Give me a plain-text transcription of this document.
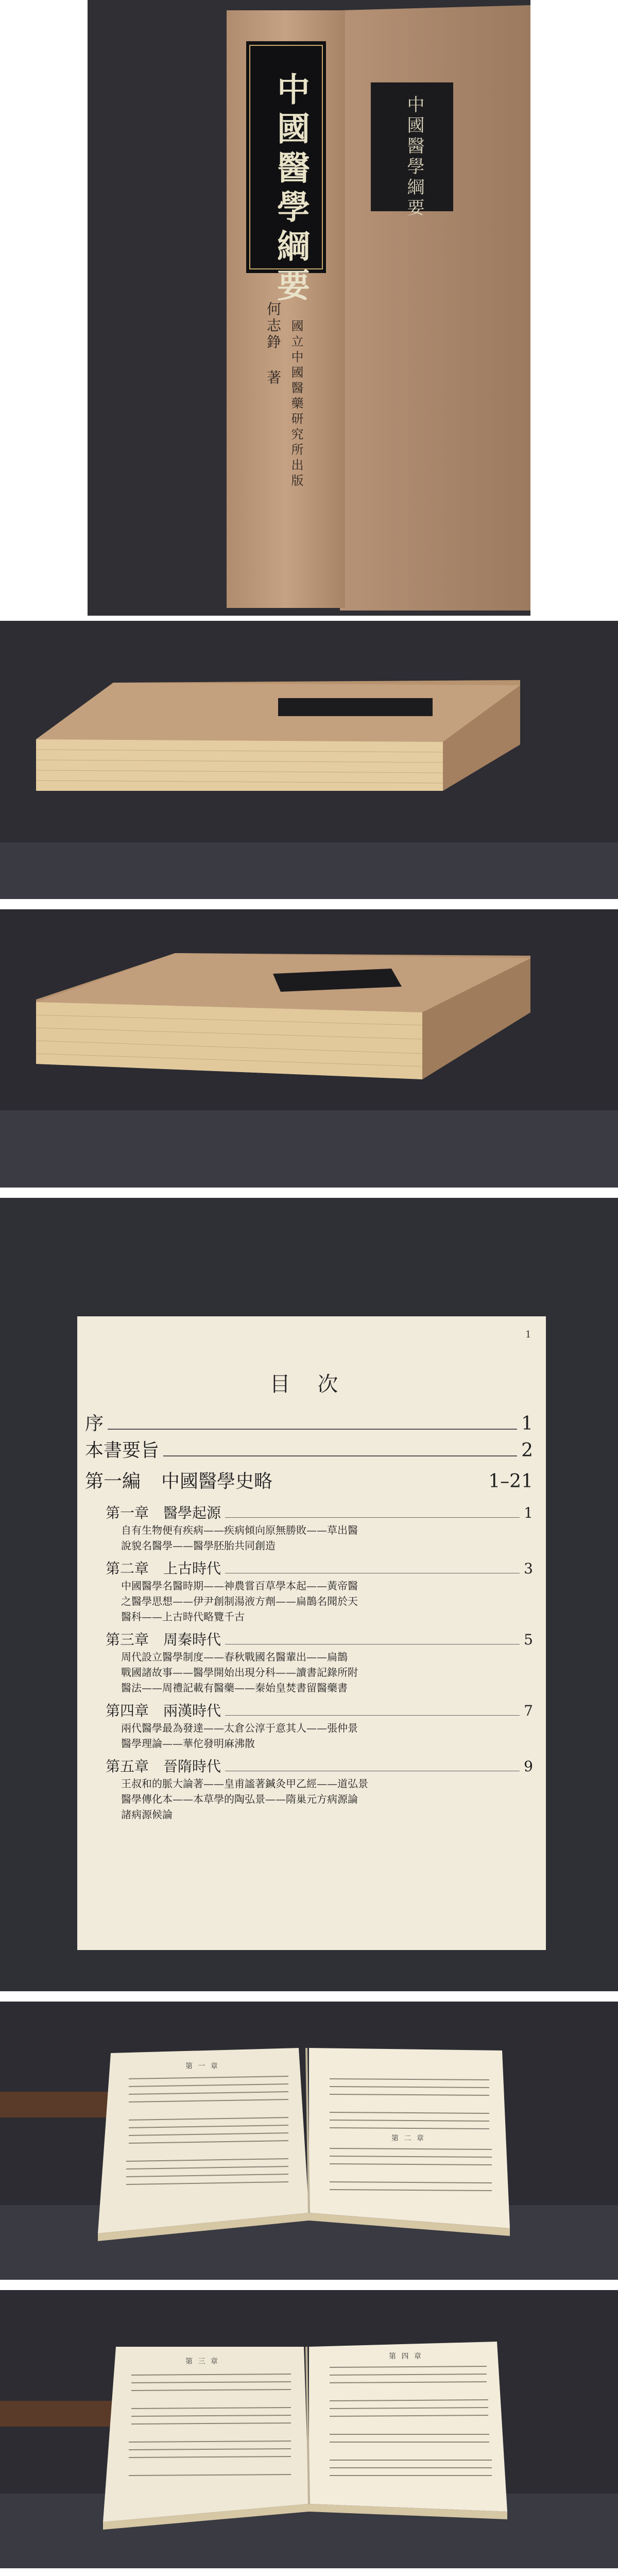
中國醫學綱要
何志錚 著 國立中國醫藥研究所出版
中國醫學綱要
1
目 次
序	1
本書要旨	2
第一編 中國醫學史略	1–21
第一章 醫學起源	1
自有生物便有疾病——疾病傾向原無勝敗——草出醫
說貌名醫學——醫學胚胎共同創造
第二章 上古時代	3
中國醫學名醫時期——神農嘗百草學本起——黃帝醫
之醫學思想——伊尹創制湯液方劑——扁鵲名聞於天
醫科——上古時代略覽千古
第三章 周秦時代	5
周代設立醫學制度——春秋戰國名醫輩出——扁鵲
戰國諸故事——醫學開始出現分科——讀書記錄所附
醫法——周禮記載有醫藥——秦始皇焚書留醫藥書
第四章 兩漢時代	7
兩代醫學最為發達——太倉公淳于意其人——張仲景
醫學理論——華佗發明麻沸散
第五章 晉隋時代	9
王叔和的脈大論著——皇甫謐著鍼灸甲乙經——道弘景
醫學傳化本——本草學的陶弘景——隋巢元方病源論
諸病源候論
第 一 章
第 二 章
第 三 章
第 四 章
